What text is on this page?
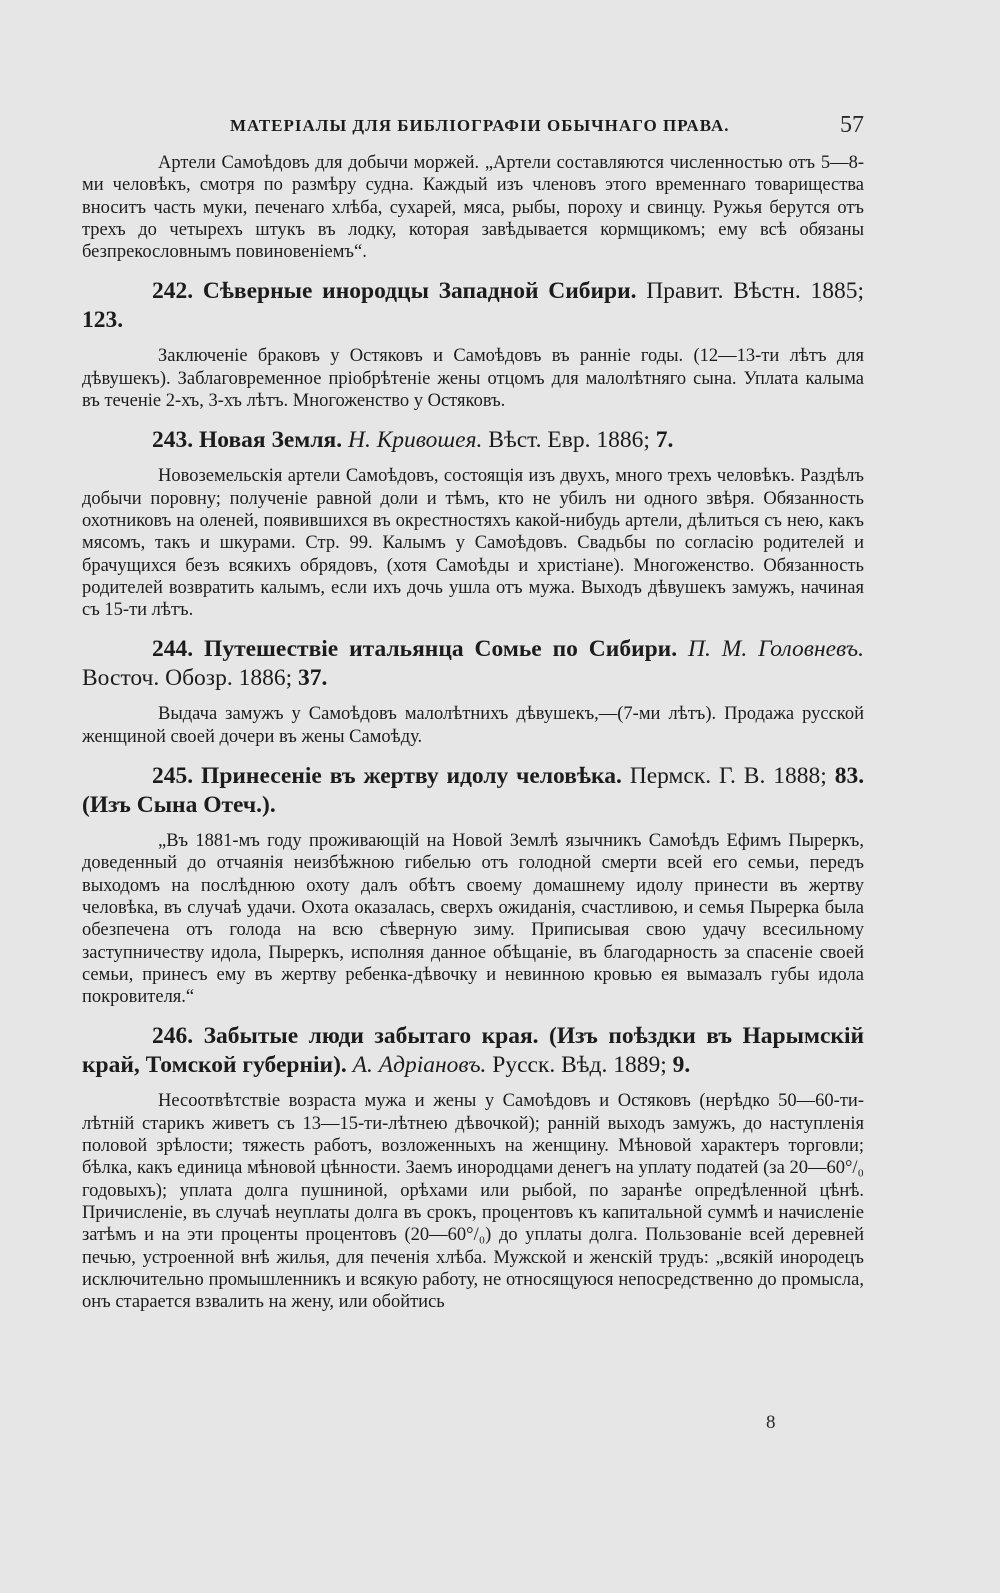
МАТЕРІАЛЫ ДЛЯ БИБЛІОГРАФІИ ОБЫЧНАГО ПРАВА.	57

Артели Самоѣдовъ для добычи моржей. „Артели составляются численностью отъ 5—8-ми человѣкъ, смотря по размѣру судна. Каждый изъ членовъ этого временнаго товарищества вноситъ часть муки, печенаго хлѣба, сухарей, мяса, рыбы, пороху и свинцу. Ружья берутся отъ трехъ до четырехъ штукъ въ лодку, которая завѣдывается кормщикомъ; ему всѣ обязаны безпрекословнымъ повиновеніемъ“.

242. Сѣверные инородцы Западной Сибири. Правит. Вѣстн. 1885; 123.

Заключеніе браковъ у Остяковъ и Самоѣдовъ въ ранніе годы. (12—13-ти лѣтъ для дѣвушекъ). Заблаговременное пріобрѣтеніе жены отцомъ для малолѣтняго сына. Уплата калыма въ теченіе 2-хъ, 3-хъ лѣтъ. Многоженство у Остяковъ.

243. Новая Земля. Н. Кривошея. Вѣст. Евр. 1886; 7.

Новоземельскія артели Самоѣдовъ, состоящія изъ двухъ, много трехъ человѣкъ. Раздѣлъ добычи поровну; полученіе равной доли и тѣмъ, кто не убилъ ни одного звѣря. Обязанность охотниковъ на оленей, появившихся въ окрестностяхъ какой-нибудь артели, дѣлиться съ нею, какъ мясомъ, такъ и шкурами. Стр. 99. Калымъ у Самоѣдовъ. Свадьбы по согласію родителей и брачущихся безъ всякихъ обрядовъ, (хотя Самоѣды и христіане). Многоженство. Обязанность родителей возвратить калымъ, если ихъ дочь ушла отъ мужа. Выходъ дѣвушекъ замужъ, начиная съ 15-ти лѣтъ.

244. Путешествіе итальянца Сомье по Сибири. П. М. Головневъ. Восточ. Обозр. 1886; 37.

Выдача замужъ у Самоѣдовъ малолѣтнихъ дѣвушекъ,—(7-ми лѣтъ). Продажа русской женщиной своей дочери въ жены Самоѣду.

245. Принесеніе въ жертву идолу человѣка. Пермск. Г. В. 1888; 83. (Изъ Сына Отеч.).

„Въ 1881-мъ году проживающій на Новой Землѣ язычникъ Самоѣдъ Ефимъ Пырeркъ, доведенный до отчаянія неизбѣжною гибелью отъ голодной смерти всей его семьи, передъ выходомъ на послѣднюю охоту далъ обѣтъ своему домашнему идолу принести въ жертву человѣка, въ случаѣ удачи. Охота оказалась, сверхъ ожиданія, счастливою, и семья Пырерка была обезпечена отъ голода на всю сѣверную зиму. Приписывая свою удачу всесильному заступничеству идола, Пырeркъ, исполняя данное обѣщаніе, въ благодарность за спасеніе своей семьи, принесъ ему въ жертву ребенка-дѣвочку и невинною кровью ея вымазалъ губы идола покровителя.“

246. Забытые люди забытаго края. (Изъ поѣздки въ Нарымскій край, Томской губерніи). А. Адріановъ. Русск. Вѣд. 1889; 9.

Несоотвѣтствіе возраста мужа и жены у Самоѣдовъ и Остяковъ (нерѣдко 50—60-ти-лѣтній старикъ живетъ съ 13—15-ти-лѣтнею дѣвочкой); ранній выходъ замужъ, до наступленія половой зрѣлости; тяжесть работъ, возложенныхъ на женщину. Мѣновой характеръ торговли; бѣлка, какъ единица мѣновой цѣнности. Заемъ инородцами денегъ на уплату податей (за 20—60°/₀ годовыхъ); уплата долга пушниной, орѣхами или рыбой, по заранѣе опредѣленной цѣнѣ. Причисленіе, въ случаѣ неуплаты долга въ срокъ, процентовъ къ капитальной суммѣ и начисленіе затѣмъ и на эти проценты процентовъ (20—60°/₀) до уплаты долга. Пользованіе всей деревней печью, устроенной внѣ жилья, для печенія хлѣба. Мужской и женскій трудъ: „всякій инородецъ исключительно промышленникъ и всякую работу, не относящуюся непосредственно до промысла, онъ старается взвалить на жену, или обойтись

8
